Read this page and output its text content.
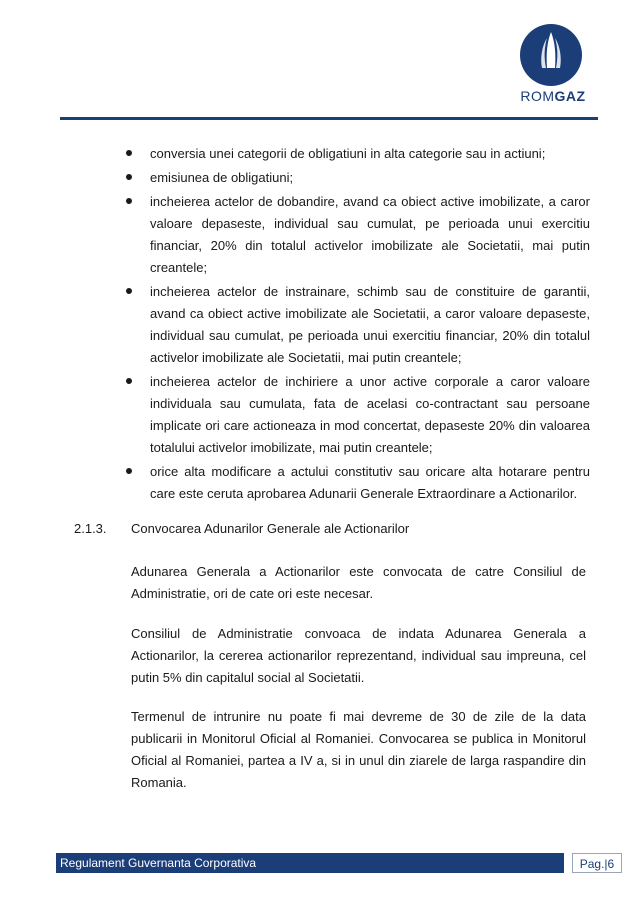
ROMGAZ
conversia unei categorii de obligatiuni in alta categorie sau in actiuni;
emisiunea de obligatiuni;
incheierea actelor de dobandire, avand ca obiect active imobilizate, a caror valoare depaseste, individual sau cumulat, pe perioada unui exercitiu financiar, 20% din totalul activelor imobilizate ale Societatii, mai putin creantele;
incheierea actelor de instrainare, schimb sau de constituire de garantii, avand ca obiect active imobilizate ale Societatii, a caror valoare depaseste, individual sau cumulat, pe perioada unui exercitiu financiar, 20% din totalul activelor imobilizate ale Societatii, mai putin creantele;
incheierea actelor de inchiriere a unor active corporale a caror valoare individuala sau cumulata, fata de acelasi co-contractant sau persoane implicate ori care actioneaza in mod concertat, depaseste 20% din valoarea totalului activelor imobilizate, mai putin creantele;
orice alta modificare a actului constitutiv sau oricare alta hotarare pentru care este ceruta aprobarea Adunarii Generale Extraordinare a Actionarilor.
2.1.3. Convocarea Adunarilor Generale ale Actionarilor

Adunarea Generala a Actionarilor este convocata de catre Consiliul de Administratie, ori de cate ori este necesar.

Consiliul de Administratie convoaca de indata Adunarea Generala a Actionarilor, la cererea actionarilor reprezentand, individual sau impreuna, cel putin 5% din capitalul social al Societatii.

Termenul de intrunire nu poate fi mai devreme de 30 de zile de la data publicarii in Monitorul Oficial al Romaniei. Convocarea se publica in Monitorul Oficial al Romaniei, partea a IV a, si in unul din ziarele de larga raspandire din Romania.

Regulament Guvernanta Corporativa	Pag.|6
